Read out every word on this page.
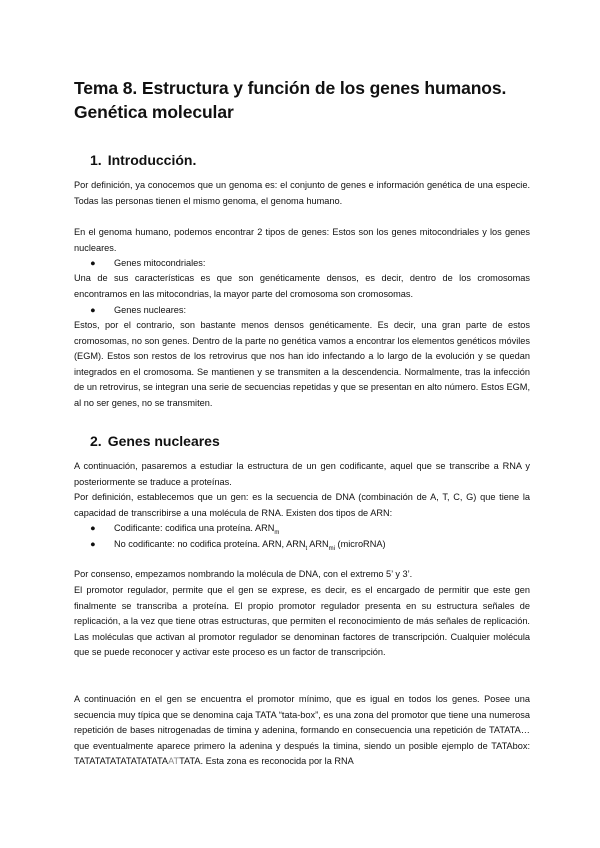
Tema 8. Estructura y función de los genes humanos. Genética molecular
1. Introducción.

Por definición, ya conocemos que un genoma es: el conjunto de genes e información genética de una especie. Todas las personas tienen el mismo genoma, el genoma humano.

En el genoma humano, podemos encontrar 2 tipos de genes: Estos son los genes mitocondriales y los genes nucleares.

● Genes mitocondriales:

Una de sus características es que son genéticamente densos, es decir, dentro de los cromosomas encontramos en las mitocondrias, la mayor parte del cromosoma son cromosomas.

● Genes nucleares:

Estos, por el contrario, son bastante menos densos genéticamente. Es decir, una gran parte de estos cromosomas, no son genes. Dentro de la parte no genética vamos a encontrar los elementos genéticos móviles (EGM). Estos son restos de los retrovirus que nos han ido infectando a lo largo de la evolución y se quedan integrados en el cromosoma. Se mantienen y se transmiten a la descendencia. Normalmente, tras la infección de un retrovirus, se integran una serie de secuencias repetidas y que se presentan en alto número. Estos EGM, al no ser genes, no se transmiten.

2. Genes nucleares

A continuación, pasaremos a estudiar la estructura de un gen codificante, aquel que se transcribe a RNA y posteriormente se traduce a proteínas.

Por definición, establecemos que un gen: es la secuencia de DNA (combinación de A, T, C, G) que tiene la capacidad de transcribirse a una molécula de RNA. Existen dos tipos de ARN:

● Codificante: codifica una proteína. $ARN_m$

● No codificante: no codifica proteína. ARN, $ARN_t$ $ARN_{mi}$ (microRNA)

Por consenso, empezamos nombrando la molécula de DNA, con el extremo 5’ y 3’.

El promotor regulador, permite que el gen se exprese, es decir, es el encargado de permitir que este gen finalmente se transcriba a proteína. El propio promotor regulador presenta en su estructura señales de replicación, a la vez que tiene otras estructuras, que permiten el reconocimiento de más señales de replicación. Las moléculas que activan al promotor regulador se denominan factores de transcripción. Cualquier molécula que se puede reconocer y activar este proceso es un factor de transcripción.

A continuación en el gen se encuentra el promotor mínimo, que es igual en todos los genes. Posee una secuencia muy típica que se denomina caja TATA “tata-box”, es una zona del promotor que tiene una numerosa repetición de bases nitrogenadas de timina y adenina, formando en consecuencia una repetición de TATATA… que eventualmente aparece primero la adenina y después la timina, siendo un posible ejemplo de TATAbox: TATATATATATATATATAATTATA. Esta zona es reconocida por la RNA
